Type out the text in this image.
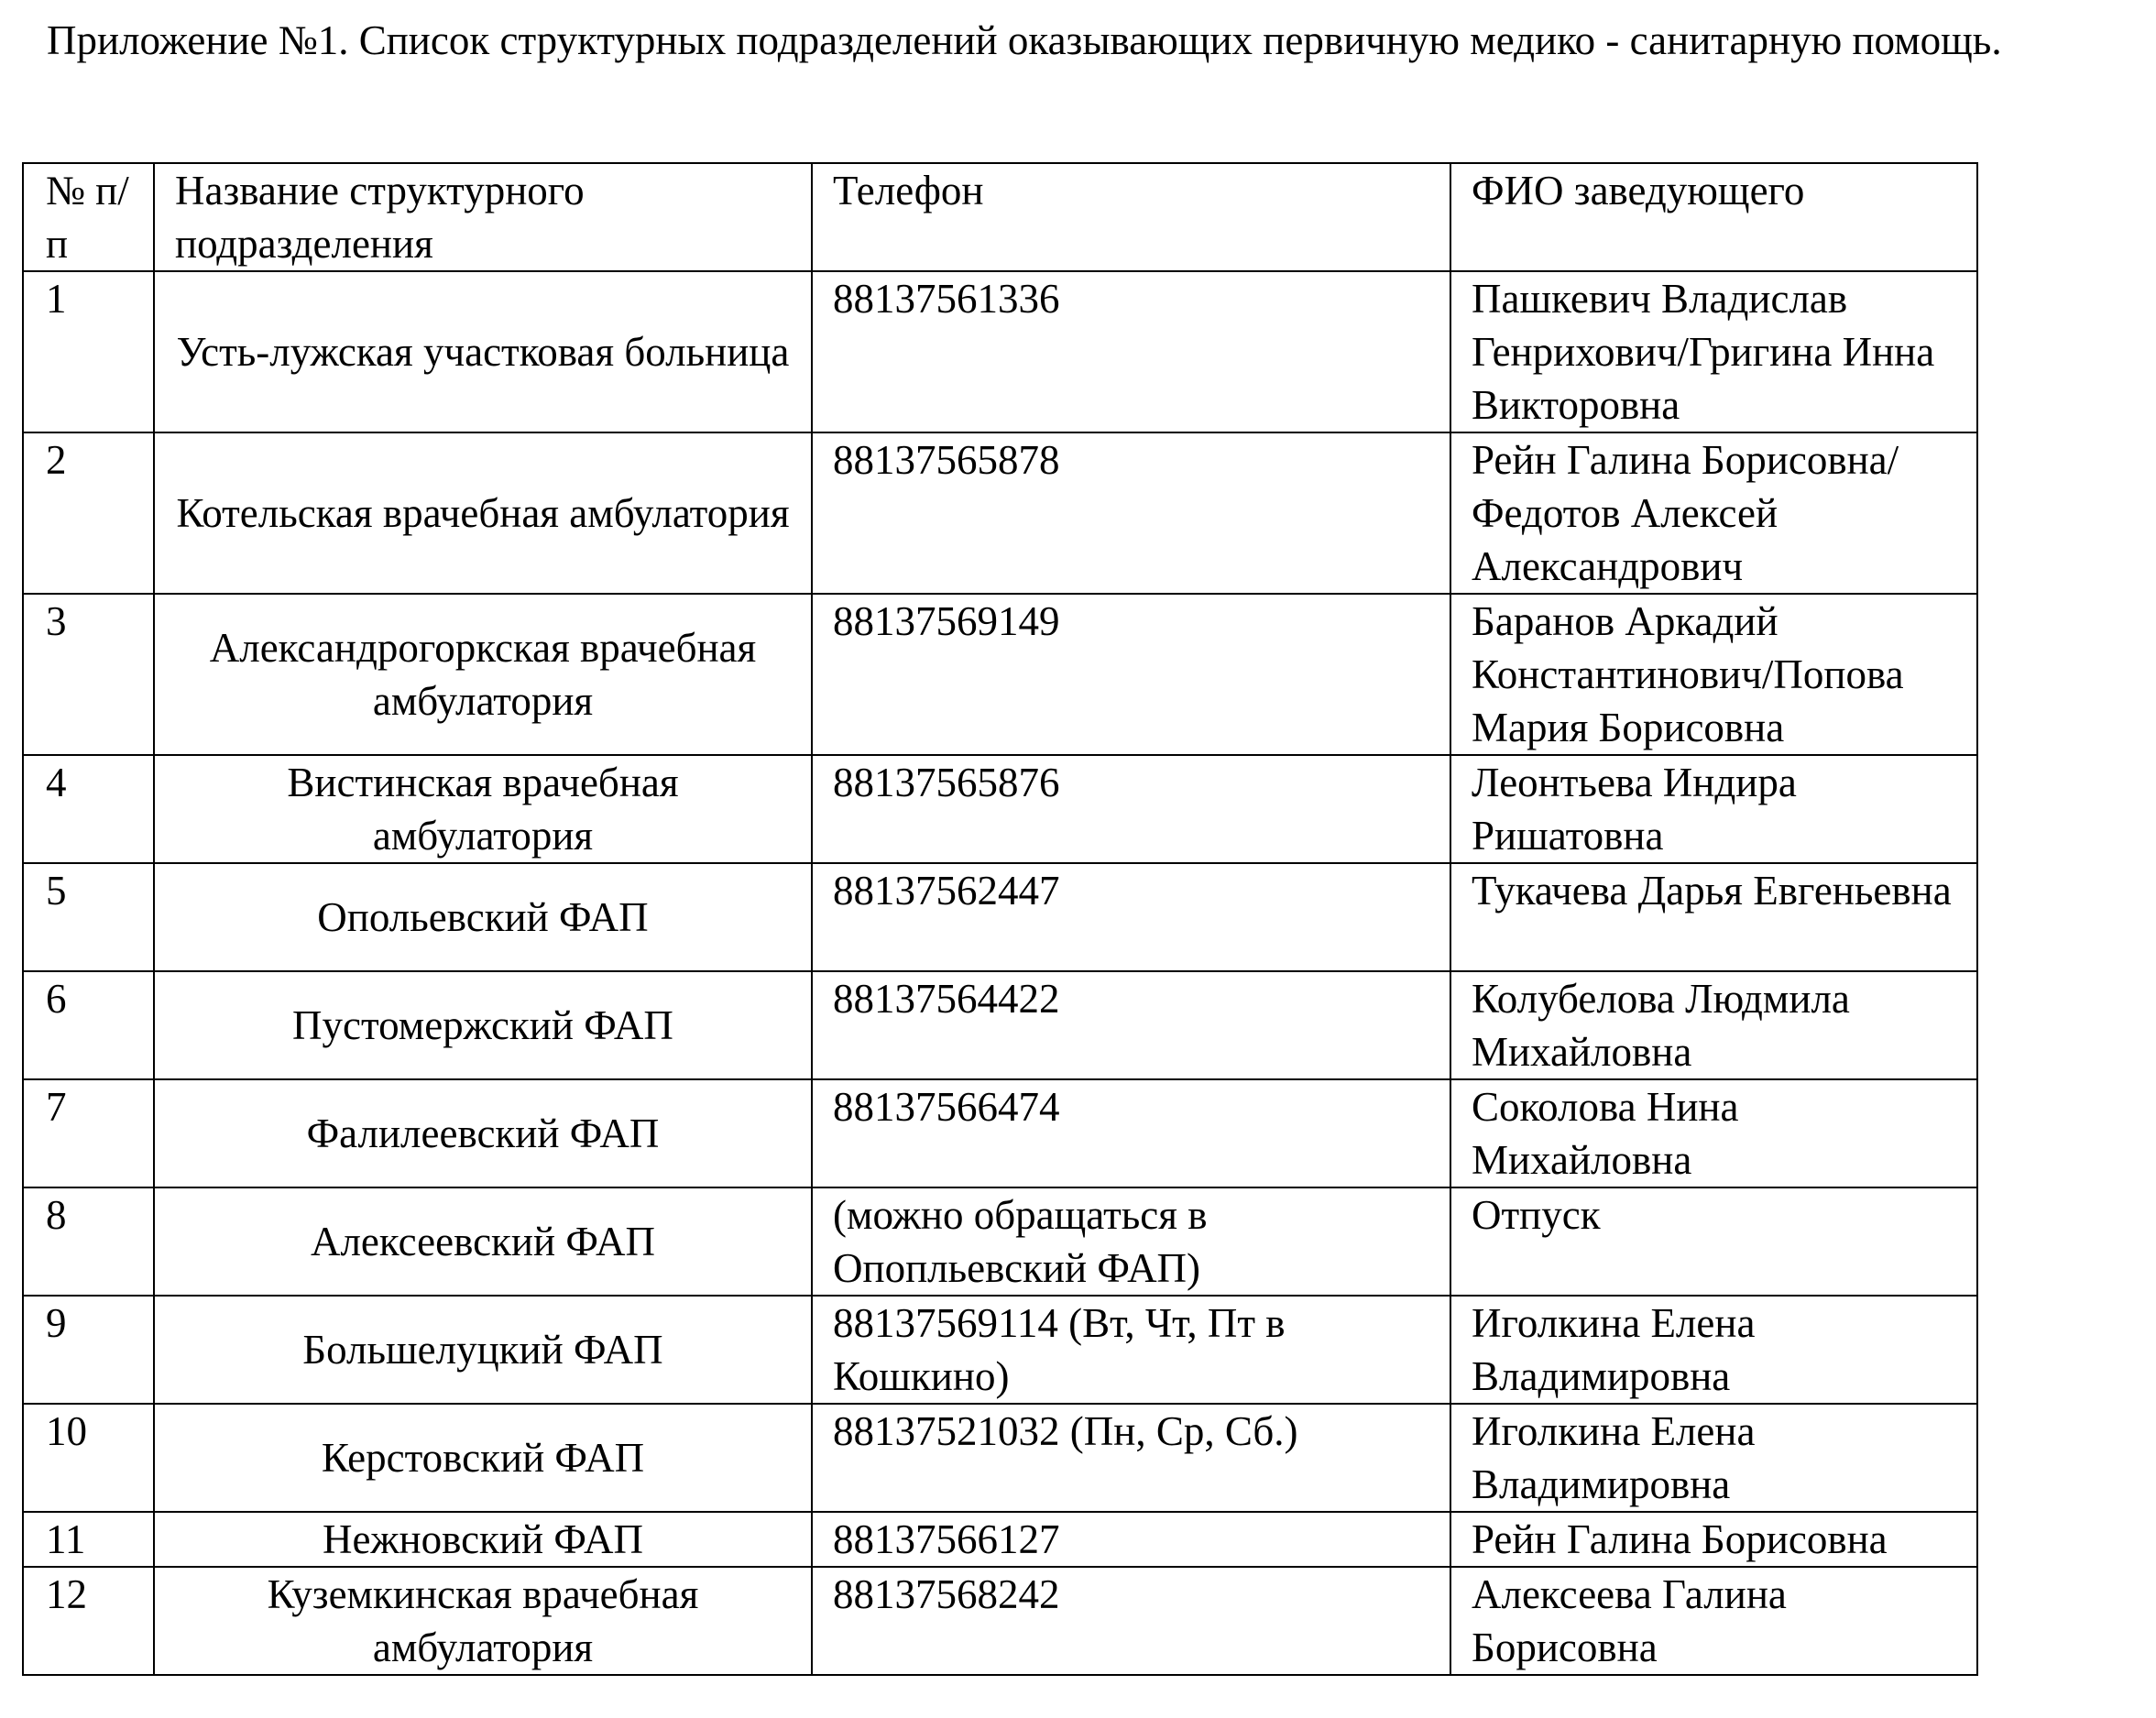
Приложение №1. Список структурных подразделений оказывающих первичную медико - санитарную помощь.
№ п/п	Название структурного подразделения	Телефон	ФИО заведующего
1	Усть-лужская участковая больница	88137561336	Пашкевич Владислав Генрихович/Григина Инна Викторовна
2	Котельская врачебная амбулатория	88137565878	Рейн Галина Борисовна/Федотов Алексей Александрович
3	Александрогоркская врачебная амбулатория	88137569149	Баранов Аркадий Константинович/Попова Мария Борисовна
4	Вистинская врачебная амбулатория	88137565876	Леонтьева Индира Ришатовна
5	Опольевский ФАП	88137562447	Тукачева Дарья Евгеньевна
6	Пустомержский ФАП	88137564422	Колубелова Людмила Михайловна
7	Фалилеевский ФАП	88137566474	Соколова Нина Михайловна
8	Алексеевский ФАП	(можно обращаться в Опопльевский ФАП)	Отпуск
9	Большелуцкий ФАП	88137569114 (Вт, Чт, Пт в Кошкино)	Иголкина Елена Владимировна
10	Керстовский ФАП	88137521032 (Пн, Ср, Сб.)	Иголкина Елена Владимировна
11	Нежновский ФАП	88137566127	Рейн Галина Борисовна
12	Куземкинская врачебная амбулатория	88137568242	Алексеева Галина Борисовна
